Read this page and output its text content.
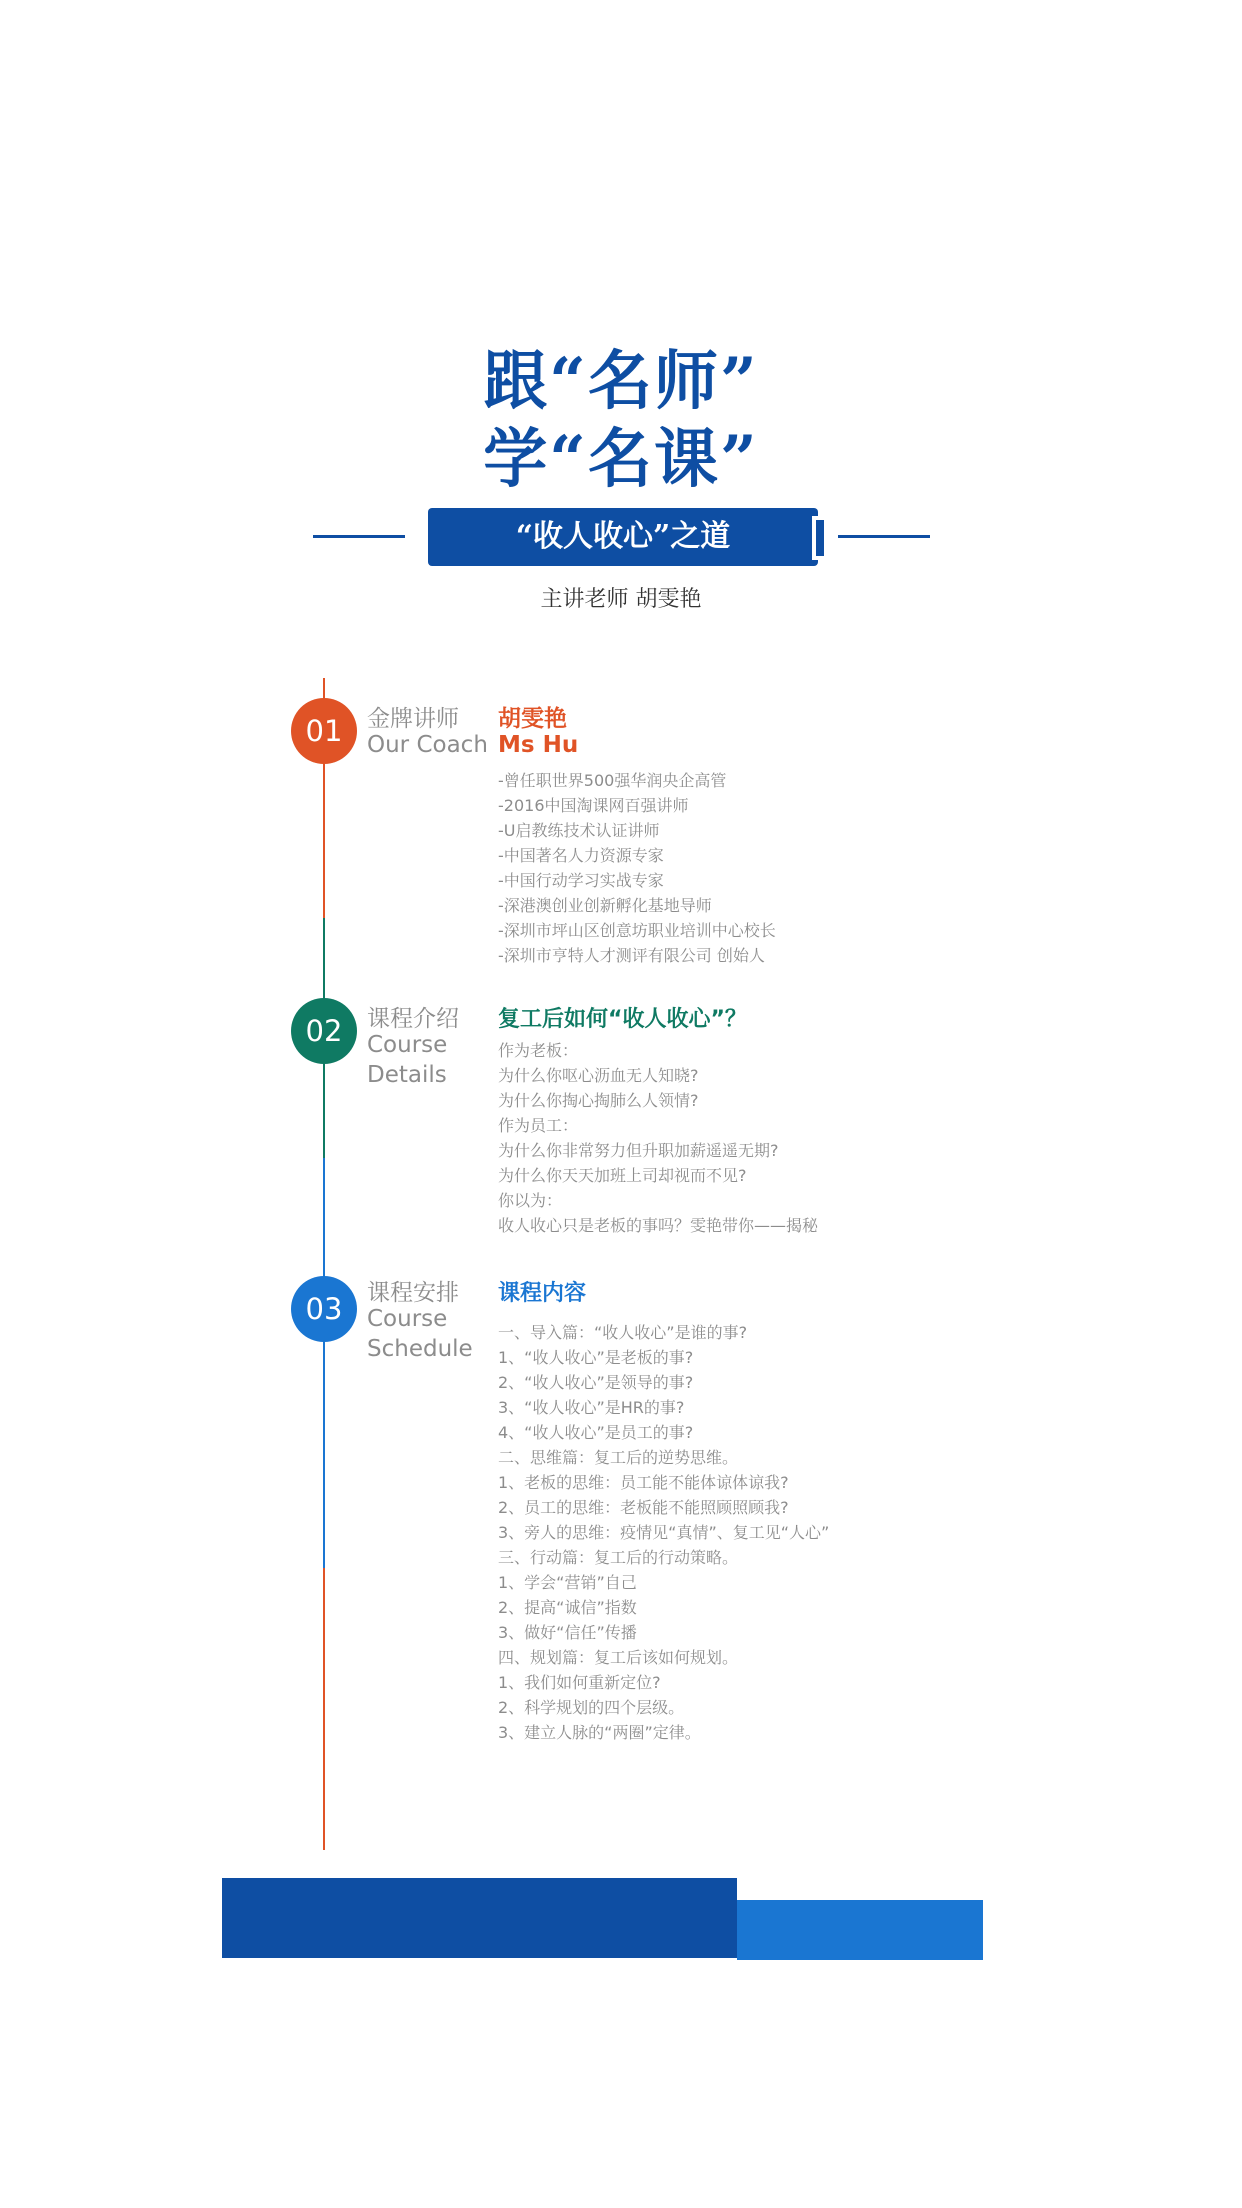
跟“名师”
学“名课”
“收人收心”之道
主讲老师 胡雯艳
01	金牌讲师
Our Coach
胡雯艳
Ms Hu
-曾任职世界500强华润央企高管
-2016中国淘课网百强讲师
-U启教练技术认证讲师
-中国著名人力资源专家
-中国行动学习实战专家
-深港澳创业创新孵化基地导师
-深圳市坪山区创意坊职业培训中心校长
-深圳市亨特人才测评有限公司 创始人
02	课程介绍
Course
Details
复工后如何“收人收心”？
作为老板：
为什么你呕心沥血无人知晓?
为什么你掏心掏肺么人领情?
作为员工：
为什么你非常努力但升职加薪遥遥无期?
为什么你天天加班上司却视而不见?
你以为：
收人收心只是老板的事吗？雯艳带你——揭秘
03	课程安排
Course
Schedule
课程内容
一、导入篇：“收人收心”是谁的事?
1、“收人收心”是老板的事?
2、“收人收心”是领导的事?
3、“收人收心”是HR的事?
4、“收人收心”是员工的事?
二、思维篇：复工后的逆势思维。
1、老板的思维：员工能不能体谅体谅我?
2、员工的思维：老板能不能照顾照顾我?
3、旁人的思维：疫情见“真情”、复工见“人心”
三、行动篇：复工后的行动策略。
1、学会“营销”自己
2、提高“诚信”指数
3、做好“信任”传播
四、规划篇：复工后该如何规划。
1、我们如何重新定位?
2、科学规划的四个层级。
3、建立人脉的“两圈”定律。
